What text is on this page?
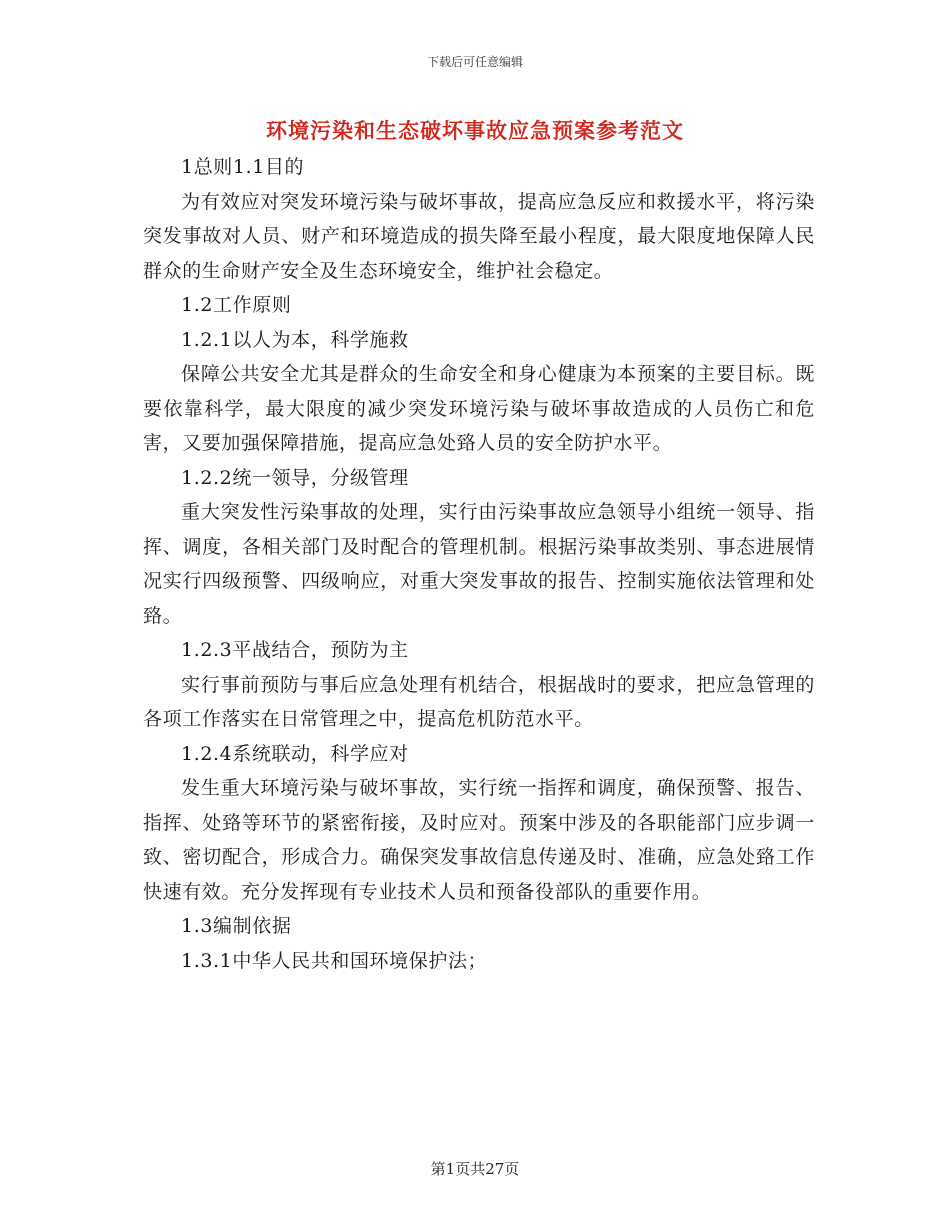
下载后可任意编辑
环境污染和生态破坏事故应急预案参考范文

1总则1.1目的

为有效应对突发环境污染与破坏事故，提高应急反应和救援水平，将污染突发事故对人员、财产和环境造成的损失降至最小程度，最大限度地保障人民群众的生命财产安全及生态环境安全，维护社会稳定。

1.2工作原则

1.2.1以人为本，科学施救

保障公共安全尤其是群众的生命安全和身心健康为本预案的主要目标。既要依靠科学，最大限度的减少突发环境污染与破坏事故造成的人员伤亡和危害，又要加强保障措施，提高应急处臵人员的安全防护水平。

1.2.2统一领导，分级管理

重大突发性污染事故的处理，实行由污染事故应急领导小组统一领导、指挥、调度，各相关部门及时配合的管理机制。根据污染事故类别、事态进展情况实行四级预警、四级响应，对重大突发事故的报告、控制实施依法管理和处臵。

1.2.3平战结合，预防为主

实行事前预防与事后应急处理有机结合，根据战时的要求，把应急管理的各项工作落实在日常管理之中，提高危机防范水平。

1.2.4系统联动，科学应对

发生重大环境污染与破坏事故，实行统一指挥和调度，确保预警、报告、指挥、处臵等环节的紧密衔接，及时应对。预案中涉及的各职能部门应步调一致、密切配合，形成合力。确保突发事故信息传递及时、准确，应急处臵工作快速有效。充分发挥现有专业技术人员和预备役部队的重要作用。

1.3编制依据

1.3.1中华人民共和国环境保护法；

第1页共27页
